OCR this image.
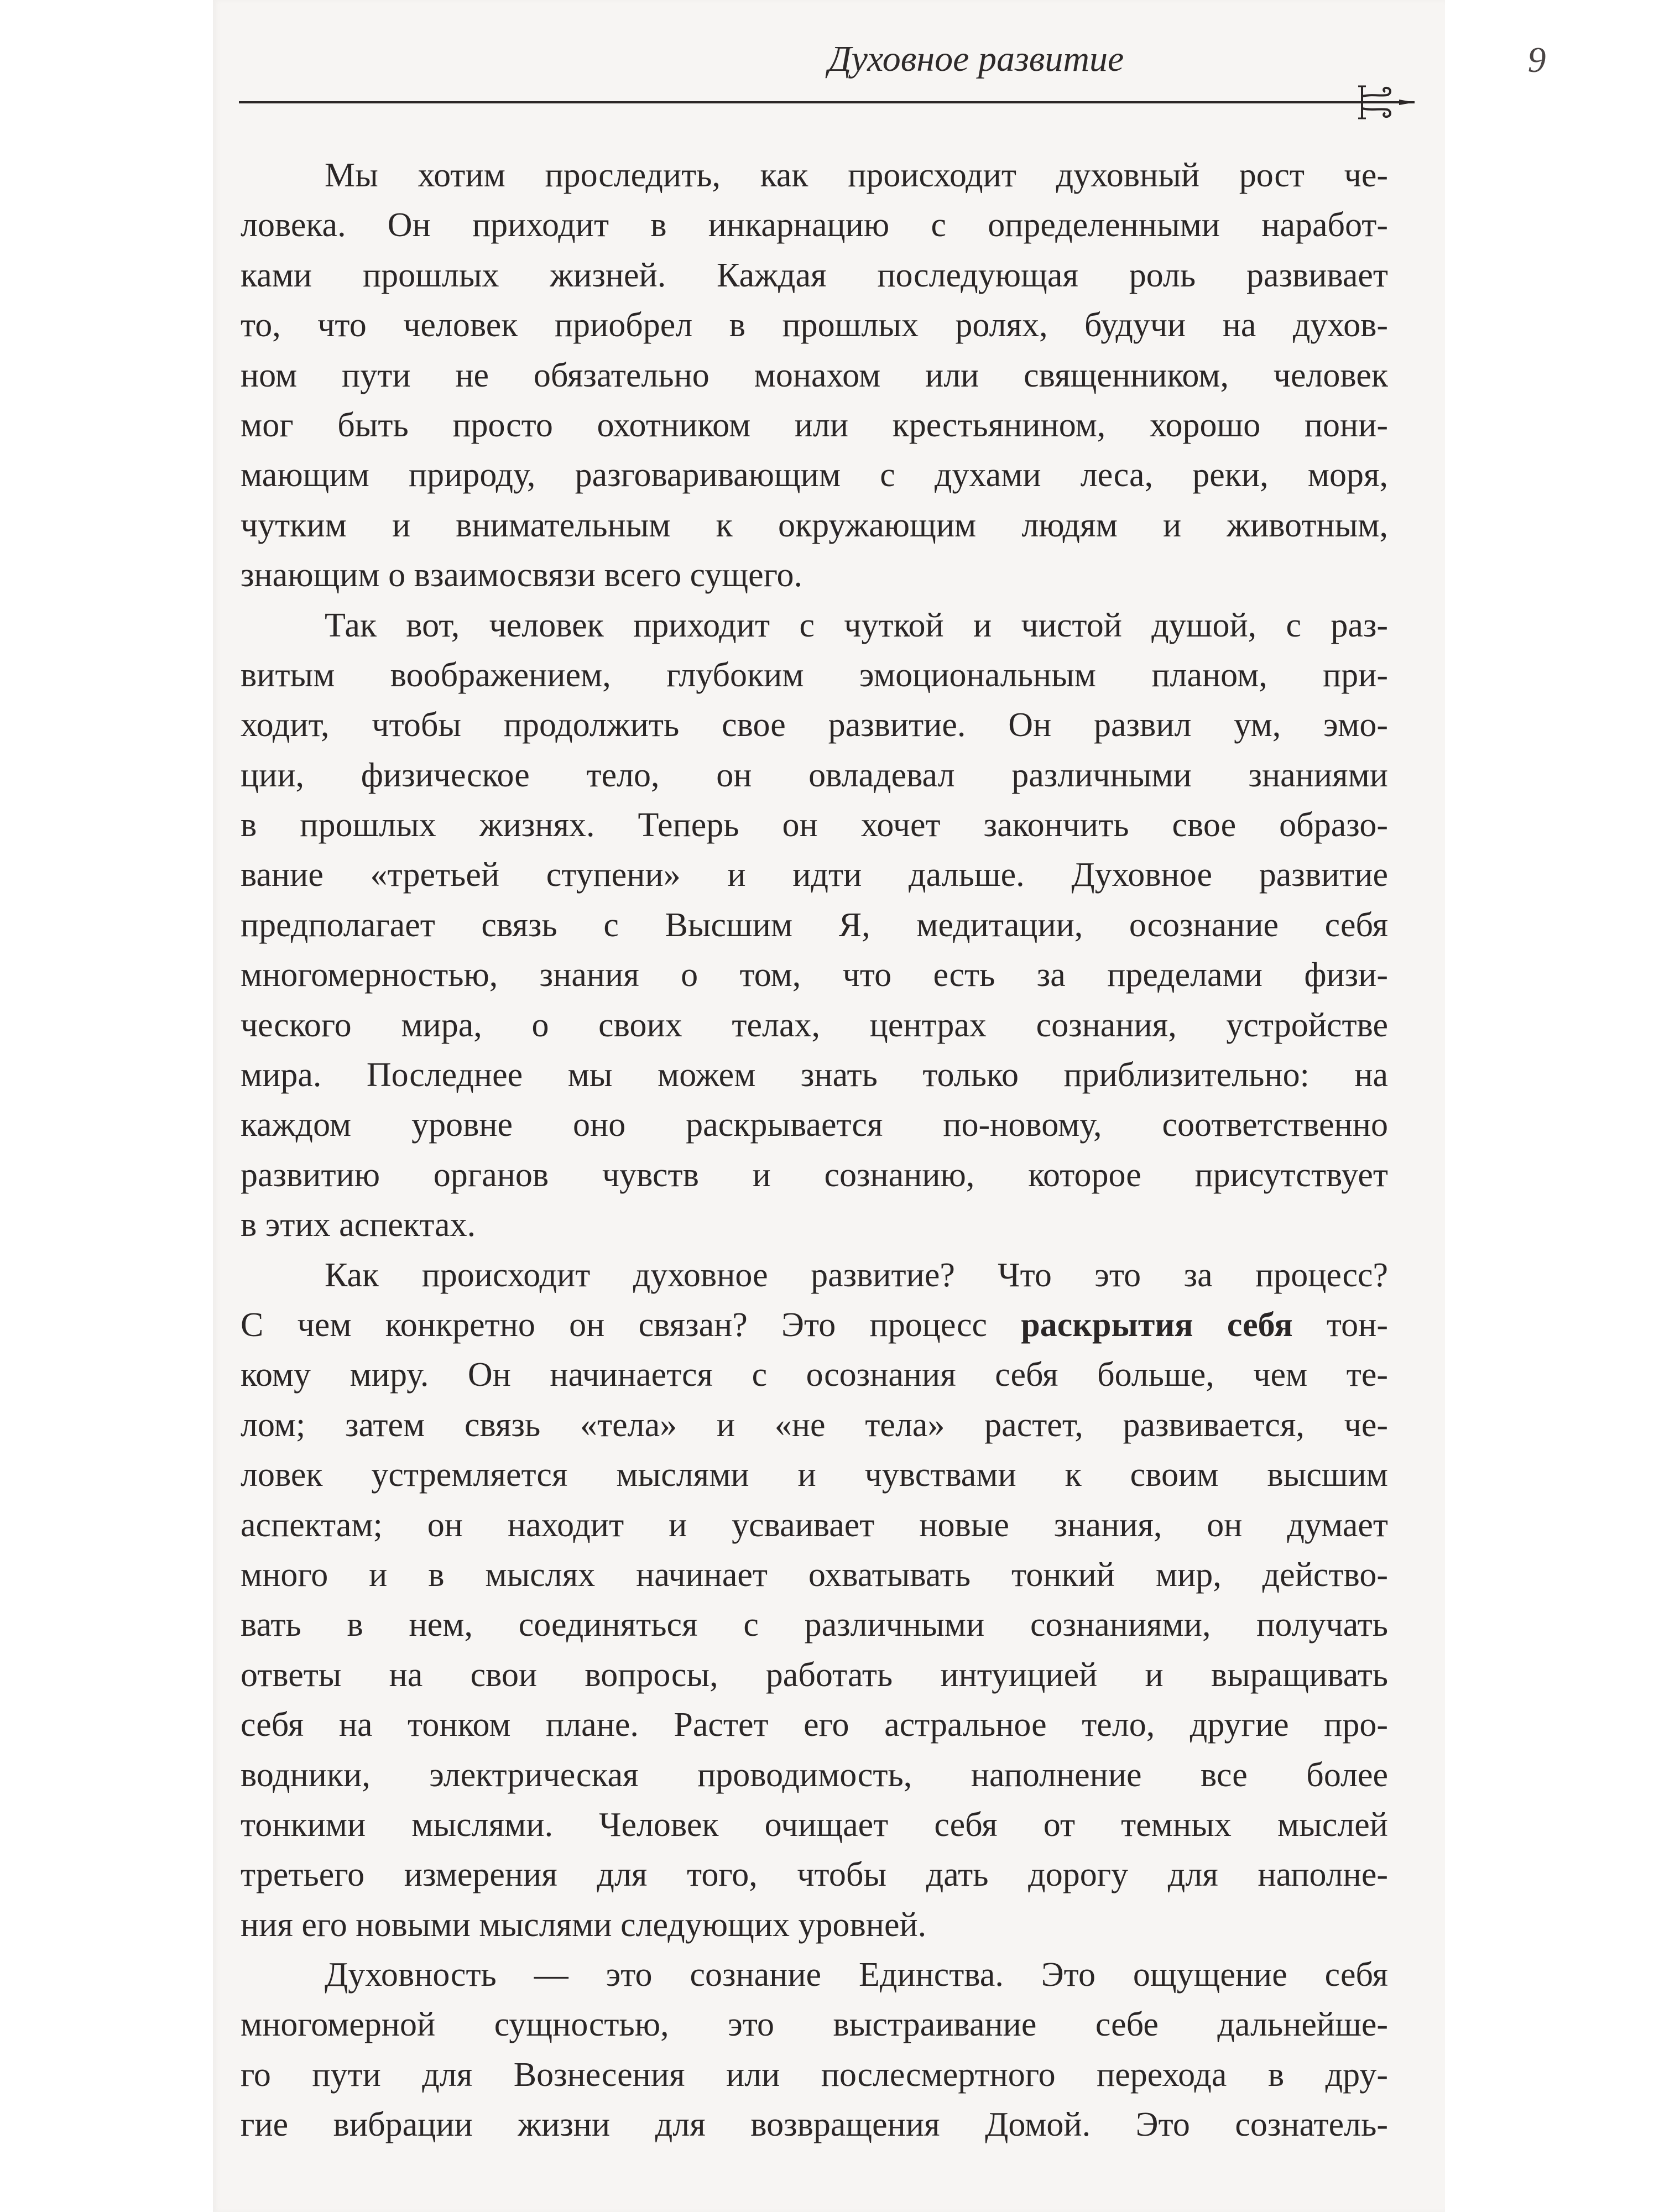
Духовное развитие	9
Мы хотим проследить, как происходит духовный рост че-
ловека. Он приходит в инкарнацию с определенными наработ-
ками прошлых жизней. Каждая последующая роль развивает
то, что человек приобрел в прошлых ролях, будучи на духов-
ном пути не обязательно монахом или священником, человек
мог быть просто охотником или крестьянином, хорошо пони-
мающим природу, разговаривающим с духами леса, реки, моря,
чутким и внимательным к окружающим людям и животным,
знающим о взаимосвязи всего сущего.
Так вот, человек приходит с чуткой и чистой душой, с раз-
витым воображением, глубоким эмоциональным планом, при-
ходит, чтобы продолжить свое развитие. Он развил ум, эмо-
ции, физическое тело, он овладевал различными знаниями
в прошлых жизнях. Теперь он хочет закончить свое образо-
вание «третьей ступени» и идти дальше. Духовное развитие
предполагает связь с Высшим Я, медитации, осознание себя
многомерностью, знания о том, что есть за пределами физи-
ческого мира, о своих телах, центрах сознания, устройстве
мира. Последнее мы можем знать только приблизительно: на
каждом уровне оно раскрывается по-новому, соответственно
развитию органов чувств и сознанию, которое присутствует
в этих аспектах.
Как происходит духовное развитие? Что это за процесс?
С чем конкретно он связан? Это процесс раскрытия себя тон-
кому миру. Он начинается с осознания себя больше, чем те-
лом; затем связь «тела» и «не тела» растет, развивается, че-
ловек устремляется мыслями и чувствами к своим высшим
аспектам; он находит и усваивает новые знания, он думает
много и в мыслях начинает охватывать тонкий мир, действо-
вать в нем, соединяться с различными сознаниями, получать
ответы на свои вопросы, работать интуицией и выращивать
себя на тонком плане. Растет его астральное тело, другие про-
водники, электрическая проводимость, наполнение все более
тонкими мыслями. Человек очищает себя от темных мыслей
третьего измерения для того, чтобы дать дорогу для наполне-
ния его новыми мыслями следующих уровней.
Духовность — это сознание Единства. Это ощущение себя
многомерной сущностью, это выстраивание себе дальнейше-
го пути для Вознесения или послесмертного перехода в дру-
гие вибрации жизни для возвращения Домой. Это сознатель-
